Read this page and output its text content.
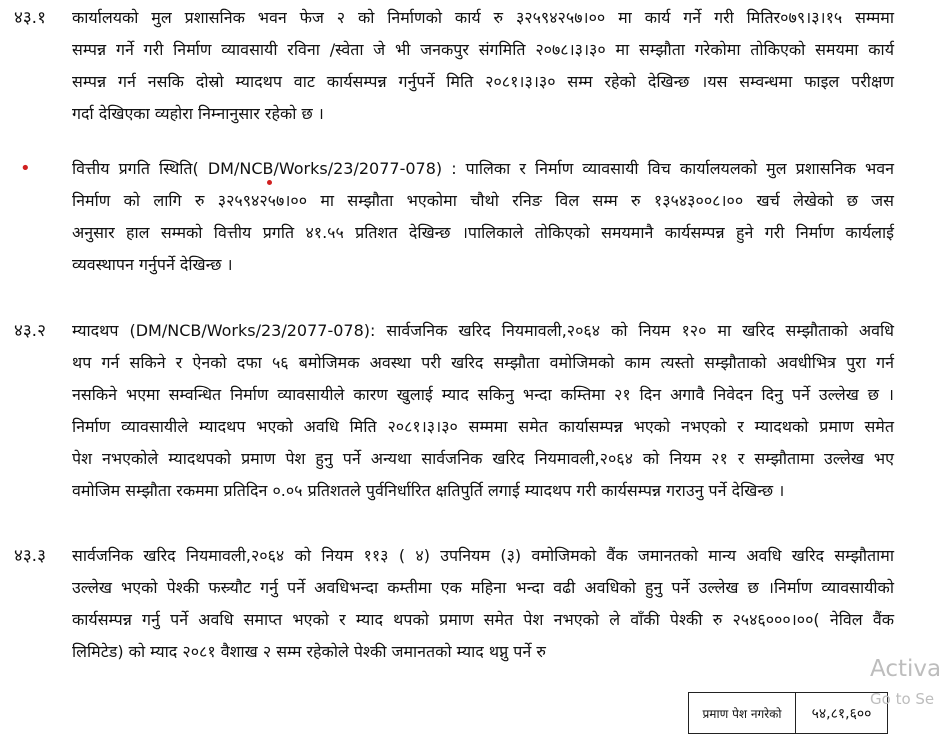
४३.१ कार्यालयको मुल प्रशासनिक भवन फेज २ को निर्माणको कार्य रु ३२५९४२५७।०० मा कार्य गर्ने गरी मितिर०७९।३।१५ सम्ममा
सम्पन्न गर्ने गरी निर्माण व्यावसायी रविना /स्वेता जे भी जनकपुर संगमिति २०७८।३।३० मा सम्झौता गरेकोमा तोकिएको समयमा कार्य
सम्पन्न गर्न नसकि दोस्रो म्यादथप वाट कार्यसम्पन्न गर्नुपर्ने मिति २०८१।३।३० सम्म रहेको देखिन्छ ।यस सम्वन्धमा फाइल परीक्षण
गर्दा देखिएका व्यहोरा निम्नानुसार रहेको छ ।
•	वित्तीय प्रगति स्थिति( DM/NCB/Works/23/2077-078) : पालिका र निर्माण व्यावसायी विच कार्यालयलको मुल प्रशासनिक भवन
निर्माण को लागि रु ३२५९४२५७।०० मा सम्झौता भएकोमा चौथो रनिङ विल सम्म रु १३५४३००८।०० खर्च लेखेको छ जस
अनुसार हाल सम्मको वित्तीय प्रगति ४१.५५ प्रतिशत देखिन्छ ।पालिकाले तोकिएको समयमानै कार्यसम्पन्न हुने गरी निर्माण कार्यलाई
व्यवस्थापन गर्नुपर्ने देखिन्छ ।
४३.२ म्यादथप (DM/NCB/Works/23/2077-078): सार्वजनिक खरिद नियमावली,२०६४ को नियम १२० मा खरिद सम्झौताको अवधि
थप गर्न सकिने र ऐनको दफा ५६ बमोजिमक अवस्था परी खरिद सम्झौता वमोजिमको काम त्यस्तो सम्झौताको अवधीभित्र पुरा गर्न
नसकिने भएमा सम्वन्धित निर्माण व्यावसायीले कारण खुलाई म्याद सकिनु भन्दा कम्तिमा २१ दिन अगावै निवेदन दिनु पर्ने उल्लेख छ ।
निर्माण व्यावसायीले म्यादथप भएको अवधि मिति २०८१।३।३० सम्ममा समेत कार्यासम्पन्न भएको नभएको र म्यादथको प्रमाण समेत
पेश नभएकोले म्यादथपको प्रमाण पेश हुनु पर्ने अन्यथा सार्वजनिक खरिद नियमावली,२०६४ को नियम २१ र सम्झौतामा उल्लेख भए
वमोजिम सम्झौता रकममा प्रतिदिन ०.०५ प्रतिशतले पुर्वनिर्धारित क्षतिपुर्ति लगाई म्यादथप गरी कार्यसम्पन्न गराउनु पर्ने देखिन्छ ।
४३.३ सार्वजनिक खरिद नियमावली,२०६४ को नियम ११३ ( ४) उपनियम (३) वमोजिमको वैंक जमानतको मान्य अवधि खरिद सम्झौतामा
उल्लेख भएको पेश्की फस्र्यौट गर्नु पर्ने अवधिभन्दा कम्तीमा एक महिना भन्दा वढी अवधिको हुनु पर्ने उल्लेख छ ।निर्माण व्यावसायीको
कार्यसम्पन्न गर्नु पर्ने अवधि समाप्त भएको र म्याद थपको प्रमाण समेत पेश नभएको ले वाँकी पेश्की रु २५४६०००।००( नेविल वैंक
लिमिटेड) को म्याद २०८१ वैशाख २ सम्म रहेकोले पेश्की जमानतको म्याद थप्नु पर्ने रु
प्रमाण पेश नगरेको	५४,८१,६००
Activa
Go to Se
